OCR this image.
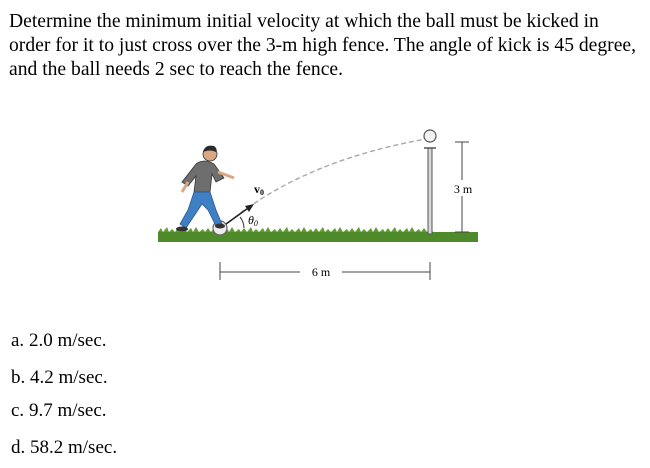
Determine the minimum initial velocity at which the ball must be kicked in order for it to just cross over the 3-m high fence. The angle of kick is 45 degree, and the ball needs 2 sec to reach the fence.

3 m
6 m
v0
θ0
a. 2.0 m/sec.
b. 4.2 m/sec.
c. 9.7 m/sec.
d. 58.2 m/sec.
